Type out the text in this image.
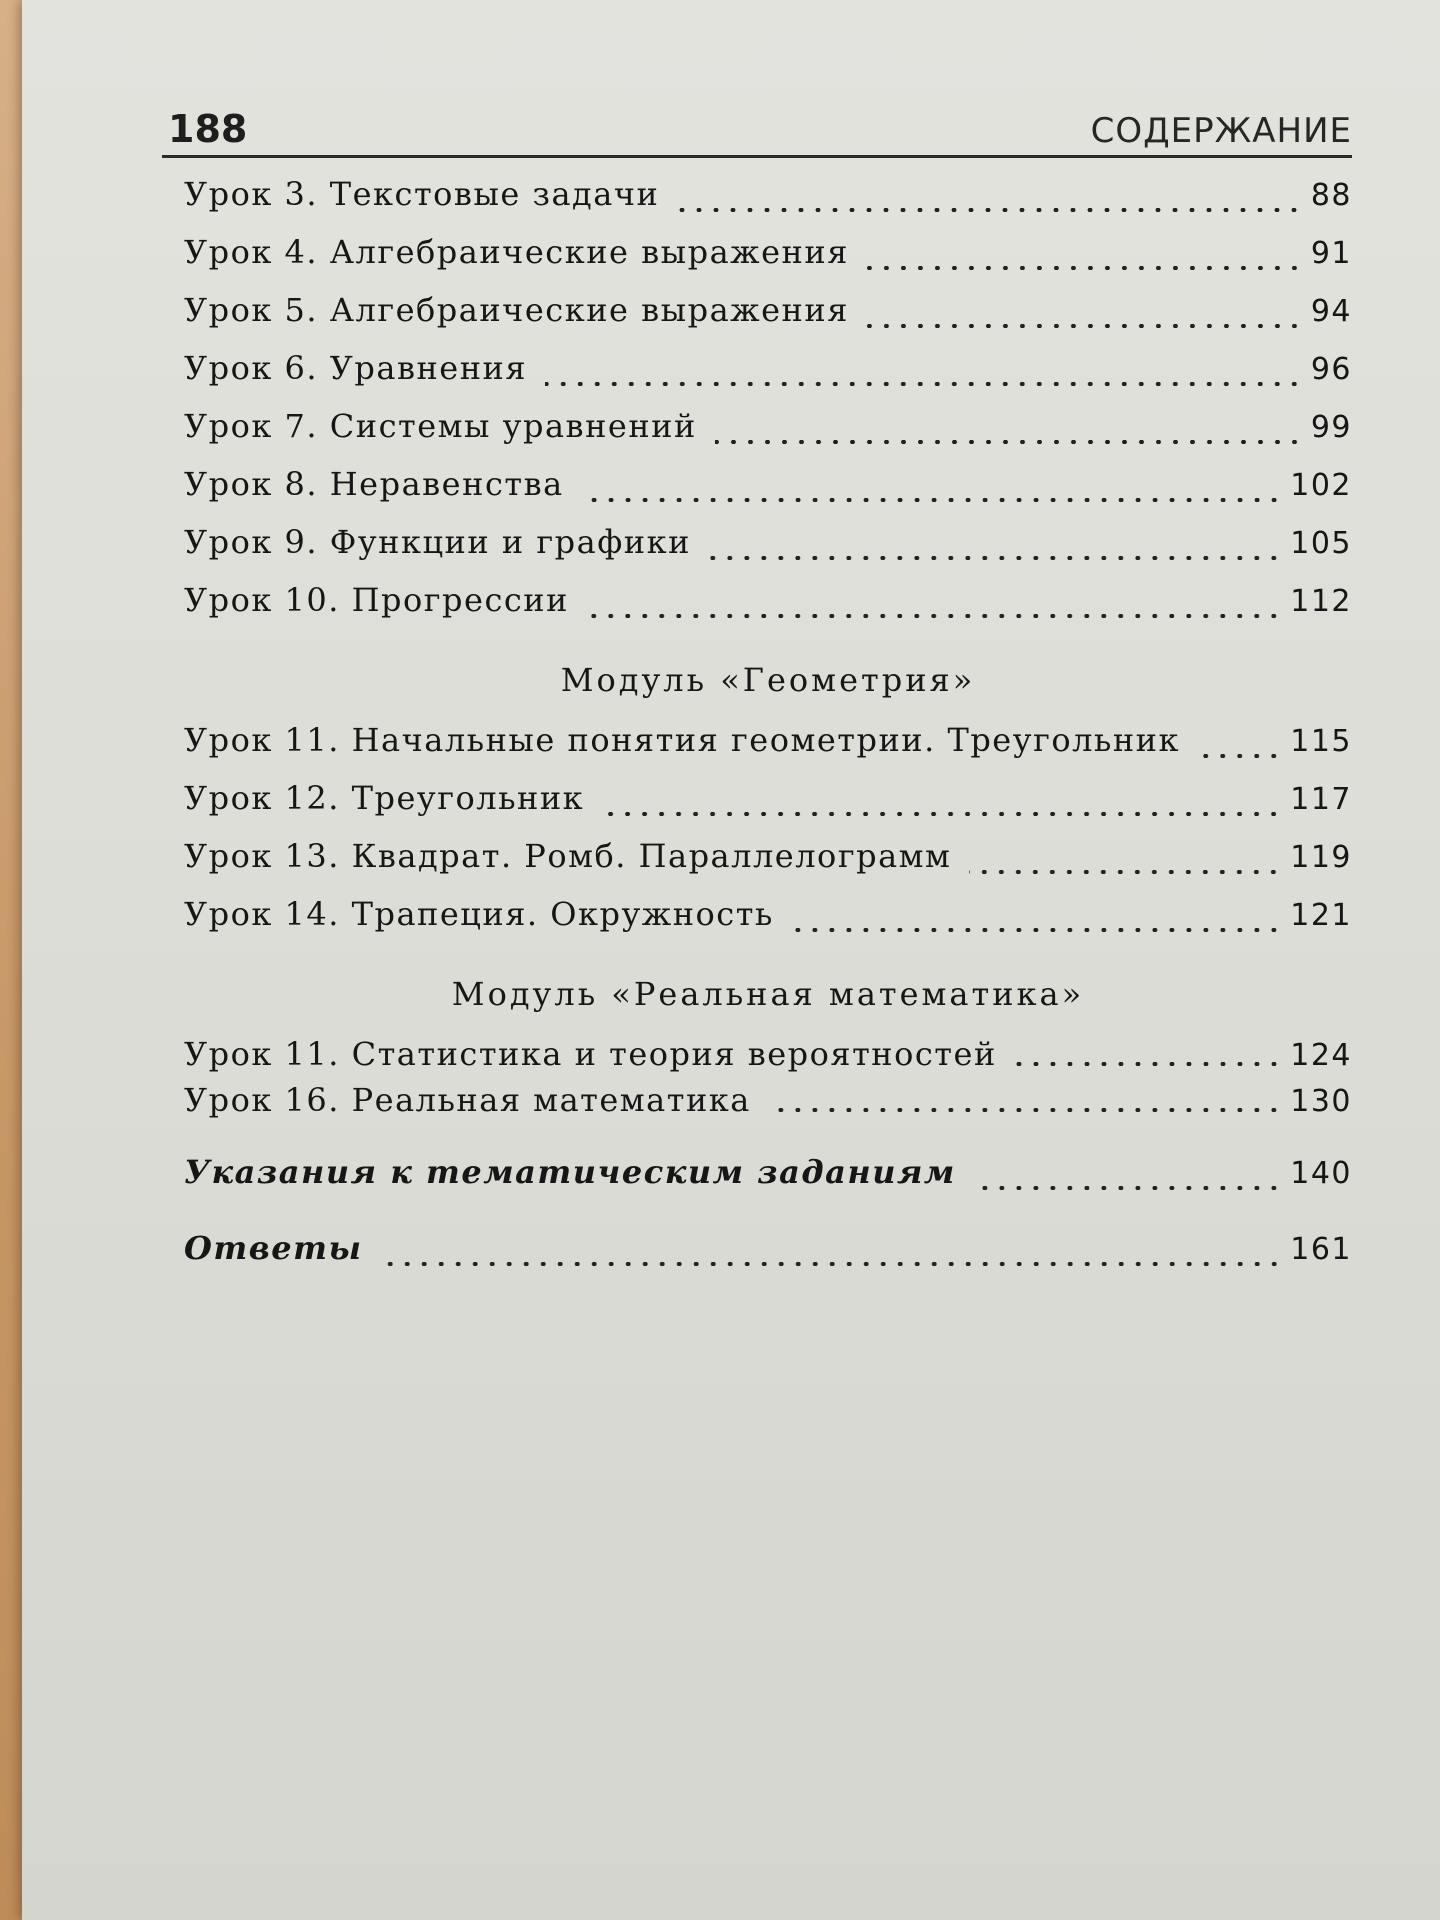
188	СОДЕРЖАНИЕ
Урок 3. Текстовые задачи	88
Урок 4. Алгебраические выражения	91
Урок 5. Алгебраические выражения	94
Урок 6. Уравнения	96
Урок 7. Системы уравнений	99
Урок 8. Неравенства	102
Урок 9. Функции и графики	105
Урок 10. Прогрессии	112
Модуль «Геометрия»
Урок 11. Начальные понятия геометрии. Треугольник	115
Урок 12. Треугольник	117
Урок 13. Квадрат. Ромб. Параллелограмм	119
Урок 14. Трапеция. Окружность	121
Модуль «Реальная математика»
Урок 11. Статистика и теория вероятностей	124
Урок 16. Реальная математика	130
Указания к тематическим заданиям	140
Ответы	161
